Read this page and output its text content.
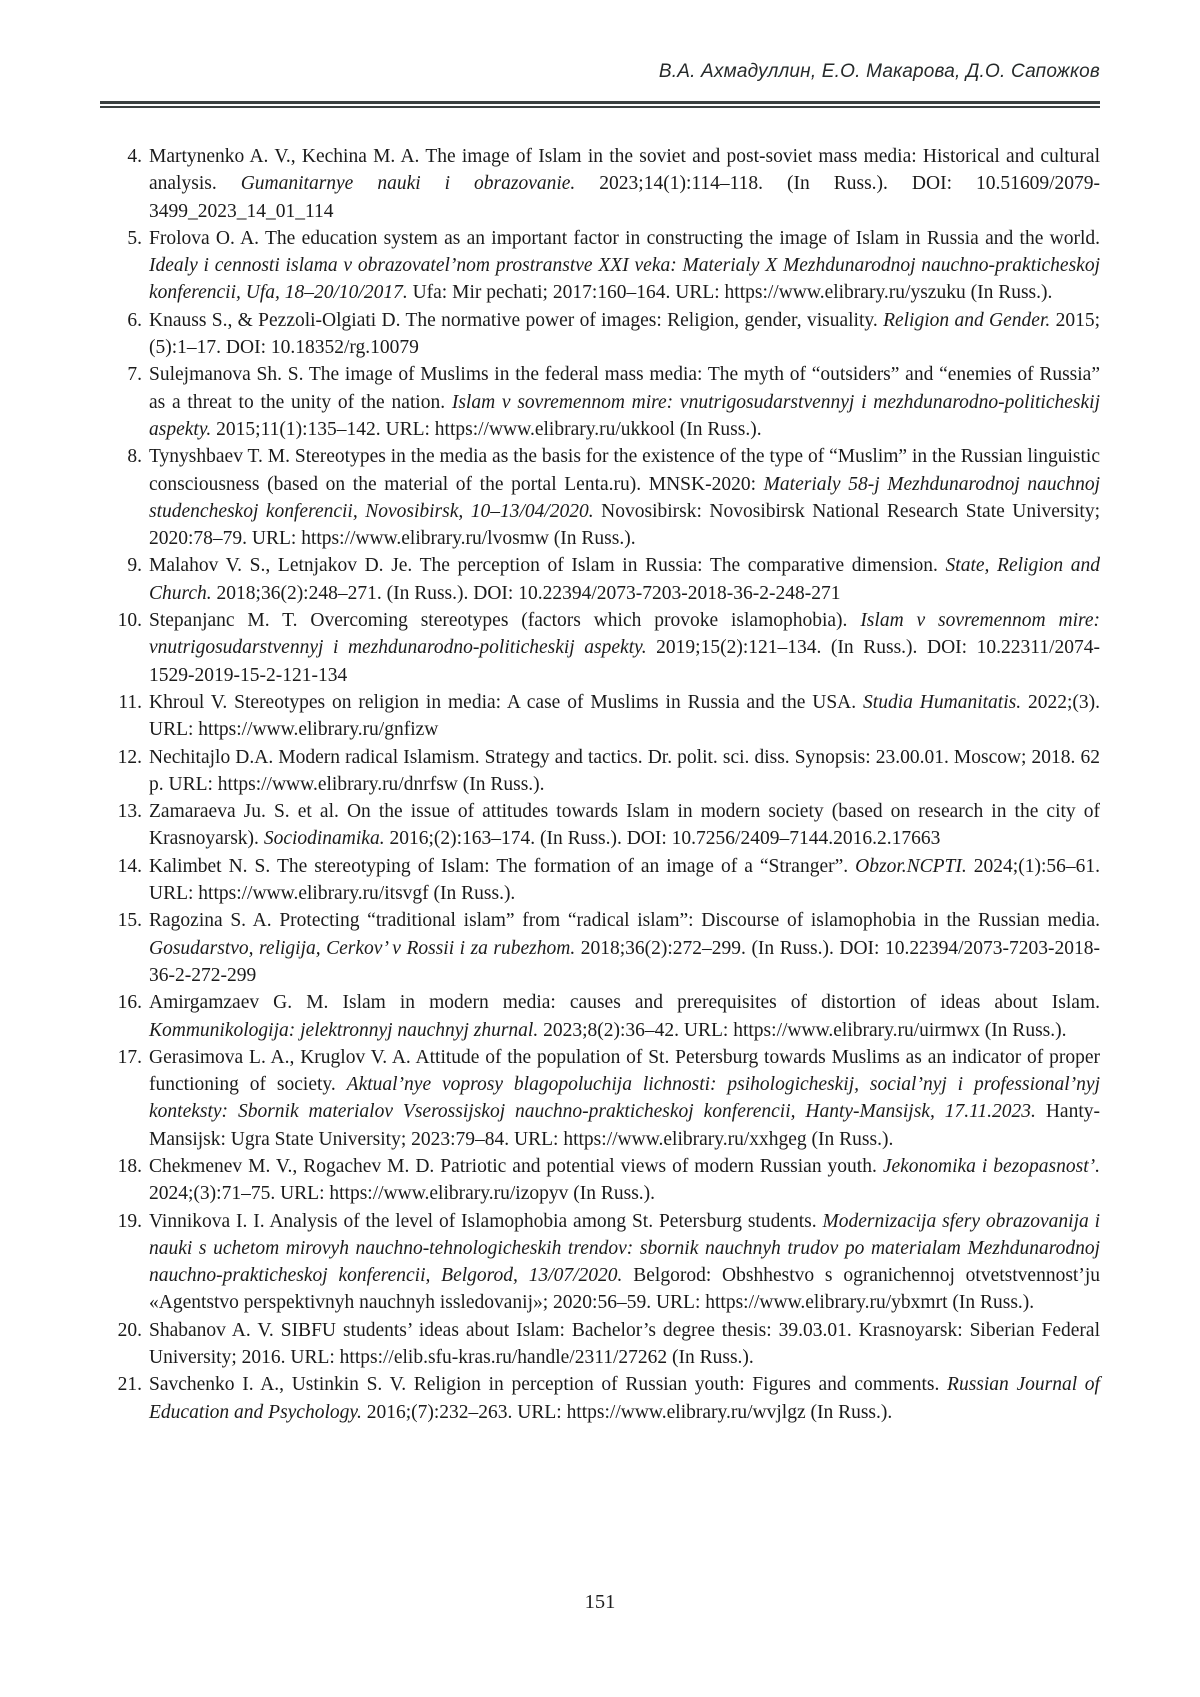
В.А. Ахмадуллин, Е.О. Макарова, Д.О. Сапожков
4. Martynenko A. V., Kechina M. A. The image of Islam in the soviet and post-soviet mass media: Historical and cultural analysis. Gumanitarnye nauki i obrazovanie. 2023;14(1):114–118. (In Russ.). DOI: 10.51609/2079-3499_2023_14_01_114
5. Frolova O. A. The education system as an important factor in constructing the image of Islam in Russia and the world. Idealy i cennosti islama v obrazovatel’nom prostranstve XXI veka: Materialy X Mezhdunarodnoj nauchno-prakticheskoj konferencii, Ufa, 18–20/10/2017. Ufa: Mir pechati; 2017:160–164. URL: https://www.elibrary.ru/yszuku (In Russ.).
6. Knauss S., & Pezzoli-Olgiati D. The normative power of images: Religion, gender, visuality. Religion and Gender. 2015;(5):1–17. DOI: 10.18352/rg.10079
7. Sulejmanova Sh. S. The image of Muslims in the federal mass media: The myth of “outsiders” and “enemies of Russia” as a threat to the unity of the nation. Islam v sovremennom mire: vnutrigosudarstvennyj i mezhdunarodno-politicheskij aspekty. 2015;11(1):135–142. URL: https://www.elibrary.ru/ukkool (In Russ.).
8. Tynyshbaev T. M. Stereotypes in the media as the basis for the existence of the type of “Muslim” in the Russian linguistic consciousness (based on the material of the portal Lenta.ru). MNSK-2020: Materialy 58-j Mezhdunarodnoj nauchnoj studencheskoj konferencii, Novosibirsk, 10–13/04/2020. Novosibirsk: Novosibirsk National Research State University; 2020:78–79. URL: https://www.elibrary.ru/lvosmw (In Russ.).
9. Malahov V. S., Letnjakov D. Je. The perception of Islam in Russia: The comparative dimension. State, Religion and Church. 2018;36(2):248–271. (In Russ.). DOI: 10.22394/2073-7203-2018-36-2-248-271
10. Stepanjanc M. T. Overcoming stereotypes (factors which provoke islamophobia). Islam v sovremennom mire: vnutrigosudarstvennyj i mezhdunarodno-politicheskij aspekty. 2019;15(2):121–134. (In Russ.). DOI: 10.22311/2074-1529-2019-15-2-121-134
11. Khroul V. Stereotypes on religion in media: A case of Muslims in Russia and the USA. Studia Humanitatis. 2022;(3). URL: https://www.elibrary.ru/gnfizw
12. Nechitajlo D.A. Modern radical Islamism. Strategy and tactics. Dr. polit. sci. diss. Synopsis: 23.00.01. Moscow; 2018. 62 p. URL: https://www.elibrary.ru/dnrfsw (In Russ.).
13. Zamaraeva Ju. S. et al. On the issue of attitudes towards Islam in modern society (based on research in the city of Krasnoyarsk). Sociodinamika. 2016;(2):163–174. (In Russ.). DOI: 10.7256/2409–7144.2016.2.17663
14. Kalimbet N. S. The stereotyping of Islam: The formation of an image of a “Stranger”. Obzor.NCPTI. 2024;(1):56–61. URL: https://www.elibrary.ru/itsvgf (In Russ.).
15. Ragozina S. A. Protecting “traditional islam” from “radical islam”: Discourse of islamophobia in the Russian media. Gosudarstvo, religija, Cerkov’ v Rossii i za rubezhom. 2018;36(2):272–299. (In Russ.). DOI: 10.22394/2073-7203-2018-36-2-272-299
16. Amirgamzaev G. M. Islam in modern media: causes and prerequisites of distortion of ideas about Islam. Kommunikologija: jelektronnyj nauchnyj zhurnal. 2023;8(2):36–42. URL: https://www.elibrary.ru/uirmwx (In Russ.).
17. Gerasimova L. A., Kruglov V. A. Attitude of the population of St. Petersburg towards Muslims as an indicator of proper functioning of society. Aktual’nye voprosy blagopoluchija lichnosti: psihologicheskij, social’nyj i professional’nyj konteksty: Sbornik materialov Vserossijskoj nauchno-prakticheskoj konferencii, Hanty-Mansijsk, 17.11.2023. Hanty-Mansijsk: Ugra State University; 2023:79–84. URL: https://www.elibrary.ru/xxhgeg (In Russ.).
18. Chekmenev M. V., Rogachev M. D. Patriotic and potential views of modern Russian youth. Jekonomika i bezopasnost’. 2024;(3):71–75. URL: https://www.elibrary.ru/izopyv (In Russ.).
19. Vinnikova I. I. Analysis of the level of Islamophobia among St. Petersburg students. Modernizacija sfery obrazovanija i nauki s uchetom mirovyh nauchno-tehnologicheskih trendov: sbornik nauchnyh trudov po materialam Mezhdunarodnoj nauchno-prakticheskoj konferencii, Belgorod, 13/07/2020. Belgorod: Obshhestvo s ogranichennoj otvetstvennost’ju «Agentstvo perspektivnyh nauchnyh issledovanij»; 2020:56–59. URL: https://www.elibrary.ru/ybxmrt (In Russ.).
20. Shabanov A. V. SIBFU students’ ideas about Islam: Bachelor’s degree thesis: 39.03.01. Krasnoyarsk: Siberian Federal University; 2016. URL: https://elib.sfu-kras.ru/handle/2311/27262 (In Russ.).
21. Savchenko I. A., Ustinkin S. V. Religion in perception of Russian youth: Figures and comments. Russian Journal of Education and Psychology. 2016;(7):232–263. URL: https://www.elibrary.ru/wvjlgz (In Russ.).
151
